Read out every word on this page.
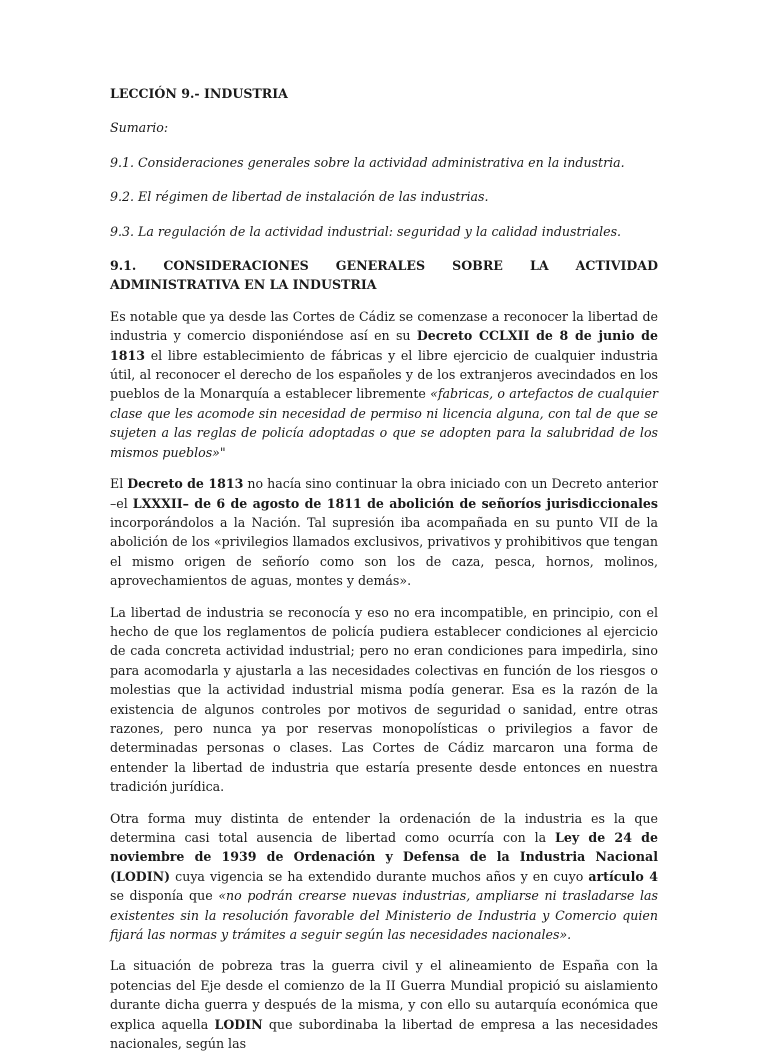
LECCIÓN 9.- INDUSTRIA
Sumario:
9.1. Consideraciones generales sobre la actividad administrativa en la industria.
9.2. El régimen de libertad de instalación de las industrias.
9.3. La regulación de la actividad industrial: seguridad y la calidad industriales.
9.1. CONSIDERACIONES GENERALES SOBRE LA ACTIVIDAD ADMINISTRATIVA EN LA INDUSTRIA

Es notable que ya desde las Cortes de Cádiz se comenzase a reconocer la libertad de industria y comercio disponiéndose así en su Decreto CCLXII de 8 de junio de 1813 el libre establecimiento de fábricas y el libre ejercicio de cualquier industria útil, al reconocer el derecho de los españoles y de los extranjeros avecindados en los pueblos de la Monarquía a establecer libremente «fabricas, o artefactos de cualquier clase que les acomode sin necesidad de permiso ni licencia alguna, con tal de que se sujeten a las reglas de policía adoptadas o que se adopten para la salubridad de los mismos pueblos»"

El Decreto de 1813 no hacía sino continuar la obra iniciado con un Decreto anterior –el LXXXII– de 6 de agosto de 1811 de abolición de señoríos jurisdiccionales incorporándolos a la Nación. Tal supresión iba acompañada en su punto VII de la abolición de los «privilegios llamados exclusivos, privativos y prohibitivos que tengan el mismo origen de señorío como son los de caza, pesca, hornos, molinos, aprovechamientos de aguas, montes y demás».

La libertad de industria se reconocía y eso no era incompatible, en principio, con el hecho de que los reglamentos de policía pudiera establecer condiciones al ejercicio de cada concreta actividad industrial; pero no eran condiciones para impedirla, sino para acomodarla y ajustarla a las necesidades colectivas en función de los riesgos o molestias que la actividad industrial misma podía generar. Esa es la razón de la existencia de algunos controles por motivos de seguridad o sanidad, entre otras razones, pero nunca ya por reservas monopolísticas o privilegios a favor de determinadas personas o clases. Las Cortes de Cádiz marcaron una forma de entender la libertad de industria que estaría presente desde entonces en nuestra tradición jurídica.

Otra forma muy distinta de entender la ordenación de la industria es la que determina casi total ausencia de libertad como ocurría con la Ley de 24 de noviembre de 1939 de Ordenación y Defensa de la Industria Nacional (LODIN) cuya vigencia se ha extendido durante muchos años y en cuyo artículo 4 se disponía que «no podrán crearse nuevas industrias, ampliarse ni trasladarse las existentes sin la resolución favorable del Ministerio de Industria y Comercio quien fijará las normas y trámites a seguir según las necesidades nacionales».

La situación de pobreza tras la guerra civil y el alineamiento de España con la potencias del Eje desde el comienzo de la II Guerra Mundial propició su aislamiento durante dicha guerra y después de la misma, y con ello su autarquía económica que explica aquella LODIN que subordinaba la libertad de empresa a las necesidades nacionales, según las
